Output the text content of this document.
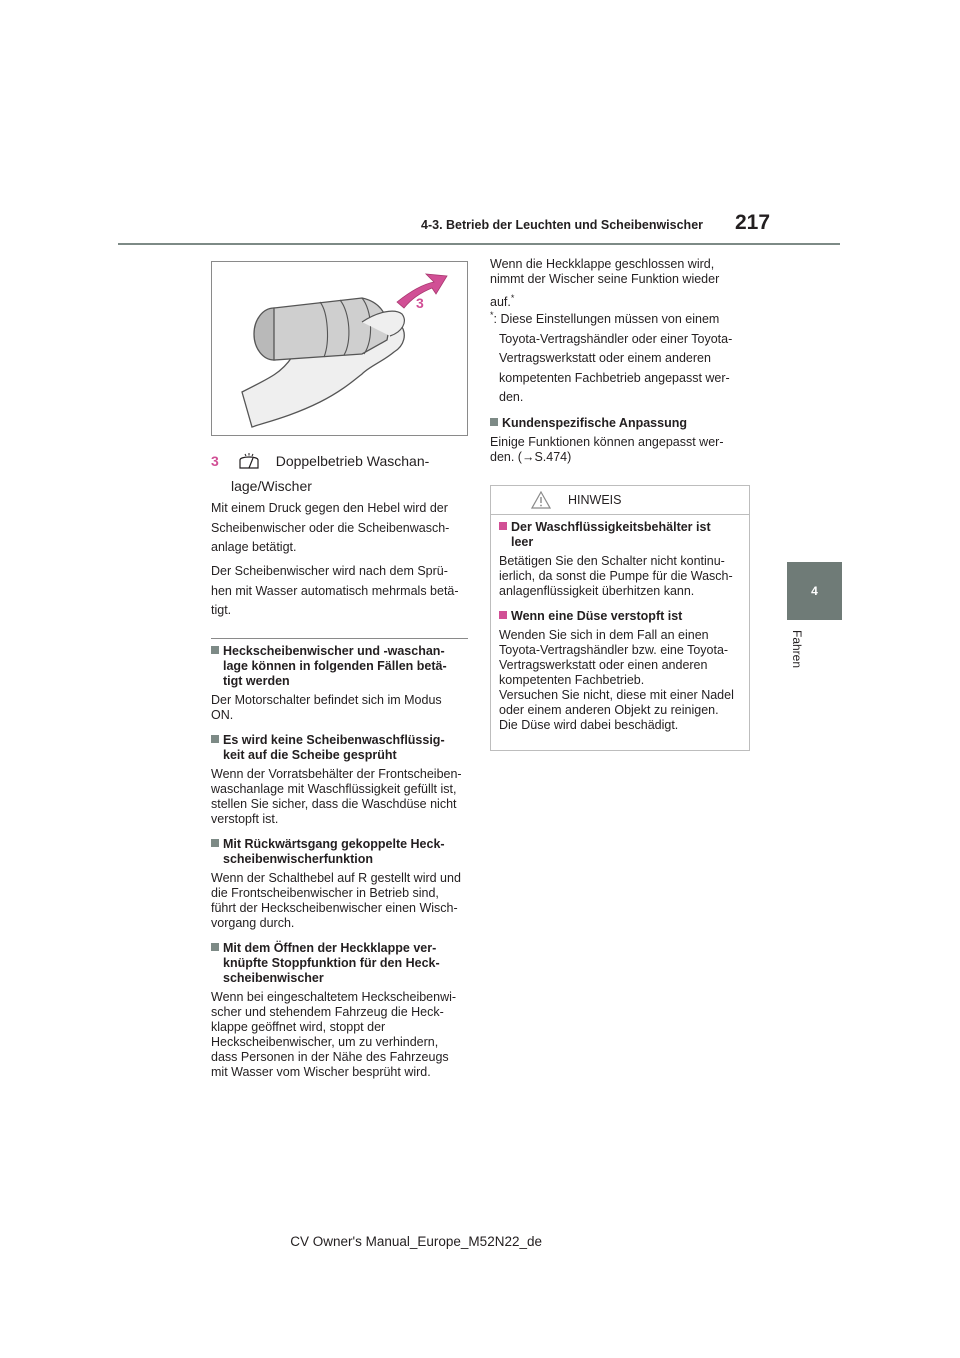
4-3. Betrieb der Leuchten und Scheibenwischer 217
4
Fahren
3
3	Doppelbetrieb Waschan-
lage/Wischer
Mit einem Druck gegen den Hebel wird der
Scheibenwischer oder die Scheibenwasch-
anlage betätigt.
Der Scheibenwischer wird nach dem Sprü-
hen mit Wasser automatisch mehrmals betä-
tigt.
Heckscheibenwischer und -waschan-
lage können in folgenden Fällen betä-
tigt werden
Der Motorschalter befindet sich im Modus
ON.
Es wird keine Scheibenwaschflüssig-
keit auf die Scheibe gesprüht
Wenn der Vorratsbehälter der Frontscheiben-
waschanlage mit Waschflüssigkeit gefüllt ist,
stellen Sie sicher, dass die Waschdüse nicht
verstopft ist.
Mit Rückwärtsgang gekoppelte Heck-
scheibenwischerfunktion
Wenn der Schalthebel auf R gestellt wird und
die Frontscheibenwischer in Betrieb sind,
führt der Heckscheibenwischer einen Wisch-
vorgang durch.
Mit dem Öffnen der Heckklappe ver-
knüpfte Stoppfunktion für den Heck-
scheibenwischer
Wenn bei eingeschaltetem Heckscheibenwi-
scher und stehendem Fahrzeug die Heck-
klappe geöffnet wird, stoppt der
Heckscheibenwischer, um zu verhindern,
dass Personen in der Nähe des Fahrzeugs
mit Wasser vom Wischer besprüht wird.
Wenn die Heckklappe geschlossen wird,
nimmt der Wischer seine Funktion wieder
auf.*
*: Diese Einstellungen müssen von einem
Toyota-Vertragshändler oder einer Toyota-
Vertragswerkstatt oder einem anderen
kompetenten Fachbetrieb angepasst wer-
den.
Kundenspezifische Anpassung
Einige Funktionen können angepasst wer-
den. (→S.474)
HINWEIS
Der Waschflüssigkeitsbehälter ist
leer
Betätigen Sie den Schalter nicht kontinu-
ierlich, da sonst die Pumpe für die Wasch-
anlagenflüssigkeit überhitzen kann.
Wenn eine Düse verstopft ist
Wenden Sie sich in dem Fall an einen
Toyota-Vertragshändler bzw. eine Toyota-
Vertragswerkstatt oder einen anderen
kompetenten Fachbetrieb.
Versuchen Sie nicht, diese mit einer Nadel
oder einem anderen Objekt zu reinigen.
Die Düse wird dabei beschädigt.
CV Owner's Manual_Europe_M52N22_de
